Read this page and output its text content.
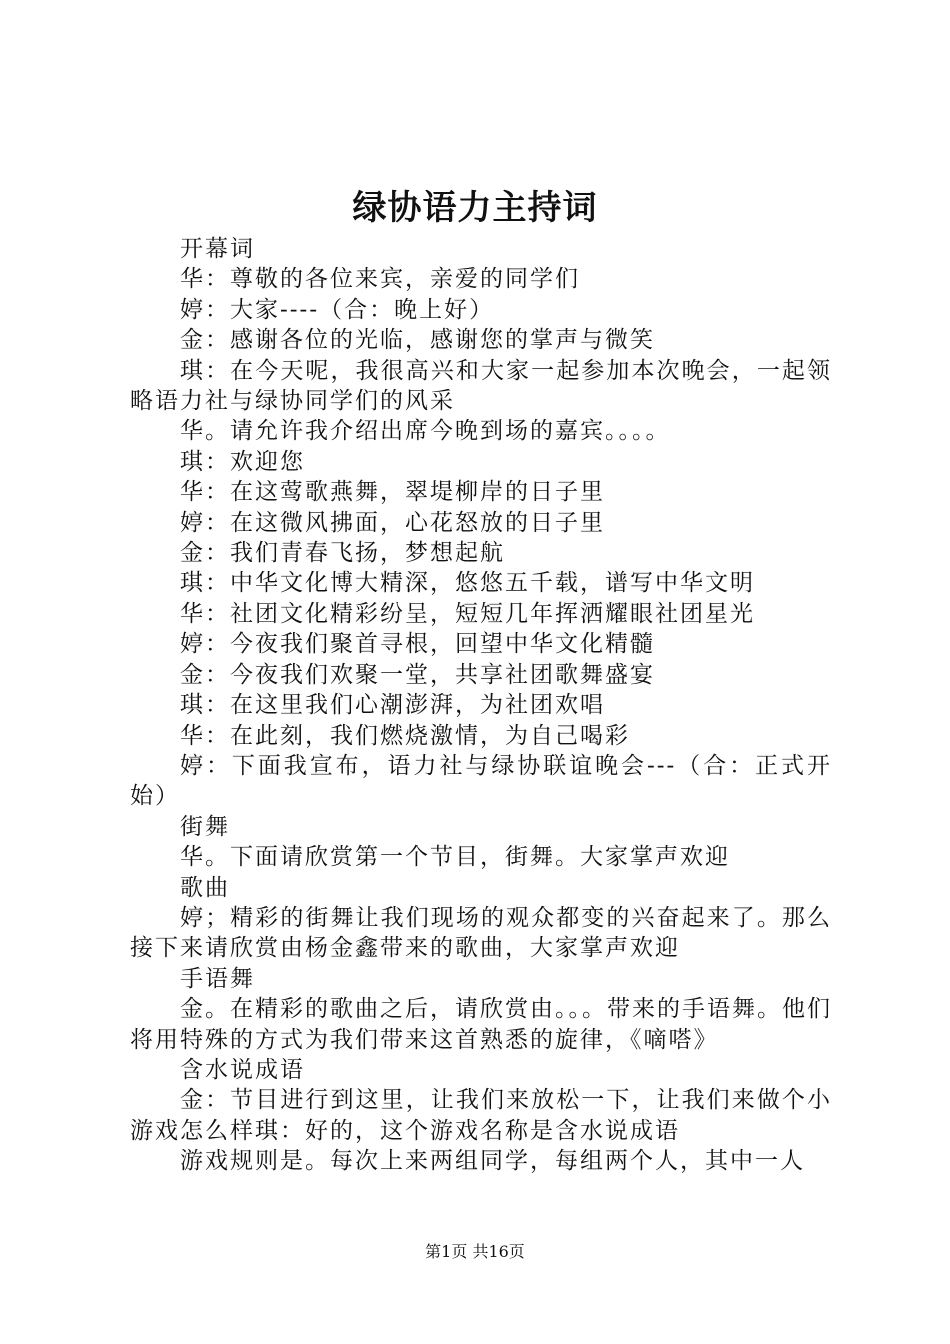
绿协语力主持词

开幕词

华：尊敬的各位来宾，亲爱的同学们

婷：大家----（合：晚上好）

金：感谢各位的光临，感谢您的掌声与微笑

琪：在今天呢，我很高兴和大家一起参加本次晚会，一起领略语力社与绿协同学们的风采

华。请允许我介绍出席今晚到场的嘉宾。。。。

琪：欢迎您

华：在这莺歌燕舞，翠堤柳岸的日子里

婷：在这微风拂面，心花怒放的日子里

金：我们青春飞扬，梦想起航

琪：中华文化博大精深，悠悠五千载，谱写中华文明

华：社团文化精彩纷呈，短短几年挥洒耀眼社团星光

婷：今夜我们聚首寻根，回望中华文化精髓

金：今夜我们欢聚一堂，共享社团歌舞盛宴

琪：在这里我们心潮澎湃，为社团欢唱

华：在此刻，我们燃烧激情，为自己喝彩

婷：下面我宣布，语力社与绿协联谊晚会---（合：正式开始）

街舞

华。下面请欣赏第一个节目，街舞。大家掌声欢迎

歌曲

婷；精彩的街舞让我们现场的观众都变的兴奋起来了。那么接下来请欣赏由杨金鑫带来的歌曲，大家掌声欢迎

手语舞

金。在精彩的歌曲之后，请欣赏由。。。带来的手语舞。他们将用特殊的方式为我们带来这首熟悉的旋律，《嘀嗒》

含水说成语

金：节目进行到这里，让我们来放松一下，让我们来做个小游戏怎么样琪：好的，这个游戏名称是含水说成语

游戏规则是。每次上来两组同学，每组两个人，其中一人

第1页 共16页
